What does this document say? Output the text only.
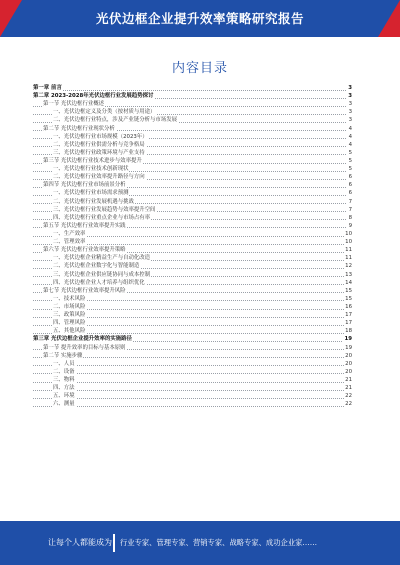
光伏边框企业提升效率策略研究报告
内容目录
第一章 前言	3
第二章 2023-2028年光伏边框行业发展趋势探讨	3
第一节 光伏边框行业概述	3
一、光伏边框定义及分类（按材质与用途）	3
二、光伏边框行业特点，涉及产业链分析与市场发展	3
第二节 光伏边框行业现状分析	4
一、光伏边框行业市场规模（2023年）	4
二、光伏边框行业供需分析与竞争格局	4
三、光伏边框行业政策环境与产业支持	5
第三节 光伏边框行业技术进步与效率提升	5
一、光伏边框行业技术创新现状	5
二、光伏边框行业效率提升路径与方向	6
第四节 光伏边框行业市场前景分析	6
一、光伏边框行业市场需求预测	6
二、光伏边框行业发展机遇与挑战	7
三、光伏边框行业发展趋势与效率提升空间	7
四、光伏边框行业重点企业与市场占有率	8
第五节 光伏边框行业效率提升实践	9
一、生产效率	10
二、管理效率	10
第六节 光伏边框行业效率提升策略	11
一、光伏边框企业精益生产与自动化改造	11
二、光伏边框企业数字化与智能制造	12
三、光伏边框企业供应链协同与成本控制	13
四、光伏边框企业人才培养与组织优化	14
第七节 光伏边框行业效率提升风险	15
一、技术风险	15
二、市场风险	16
三、政策风险	17
四、管理风险	17
五、其他风险	18
第三章 光伏边框企业提升效率的实施路径	19
第一节 提升效率的目标与基本原则	19
第二节 实施步骤	20
一、人员	20
二、设备	20
三、物料	21
四、方法	21
五、环境	22
六、测量	22
让每个人都能成为 行业专家、管理专家、营销专家、战略专家、成功企业家……
